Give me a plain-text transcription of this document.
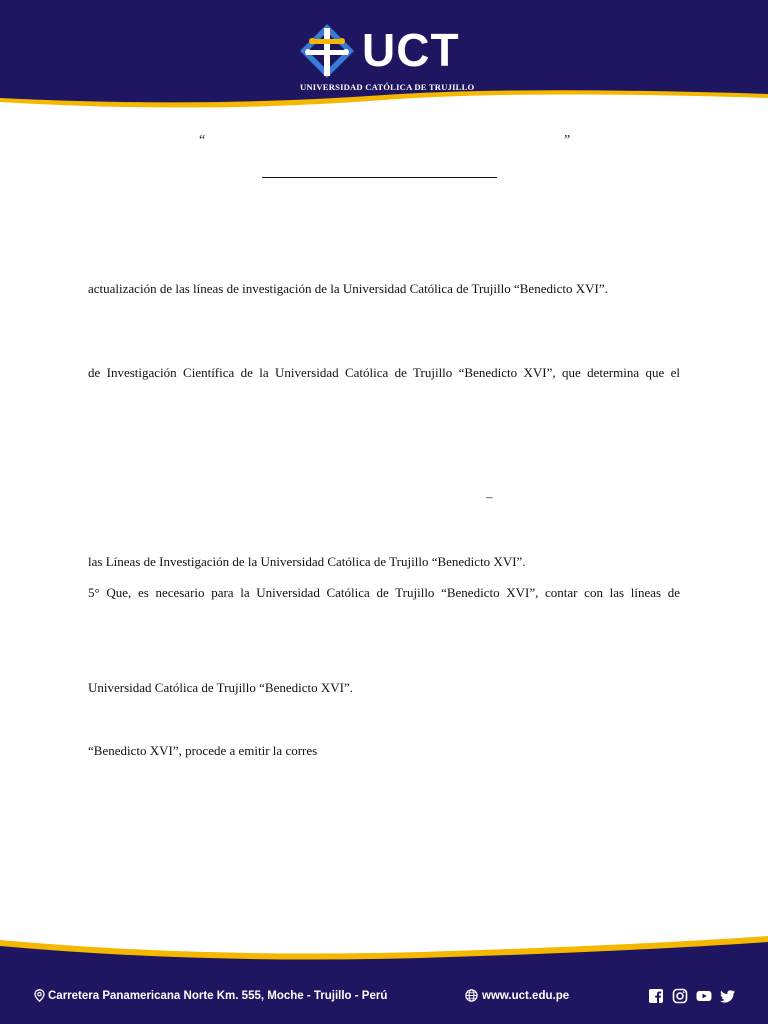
UCT
UNIVERSIDAD CATÓLICA DE TRUJILLO
“	”
actualización de las líneas de investigación de la Universidad Católica de Trujillo “Benedicto XVI”.
de Investigación Científica de la Universidad Católica de Trujillo “Benedicto XVI”, que determina que el
–
las Líneas de Investigación de la Universidad Católica de Trujillo “Benedicto XVI”.
5° Que, es necesario para la Universidad Católica de Trujillo “Benedicto XVI”, contar con las líneas de
Universidad Católica de Trujillo “Benedicto XVI”.
“Benedicto XVI”, procede a emitir la corres
Carretera Panamericana Norte Km. 555, Moche - Trujillo - Perú	www.uct.edu.pe
